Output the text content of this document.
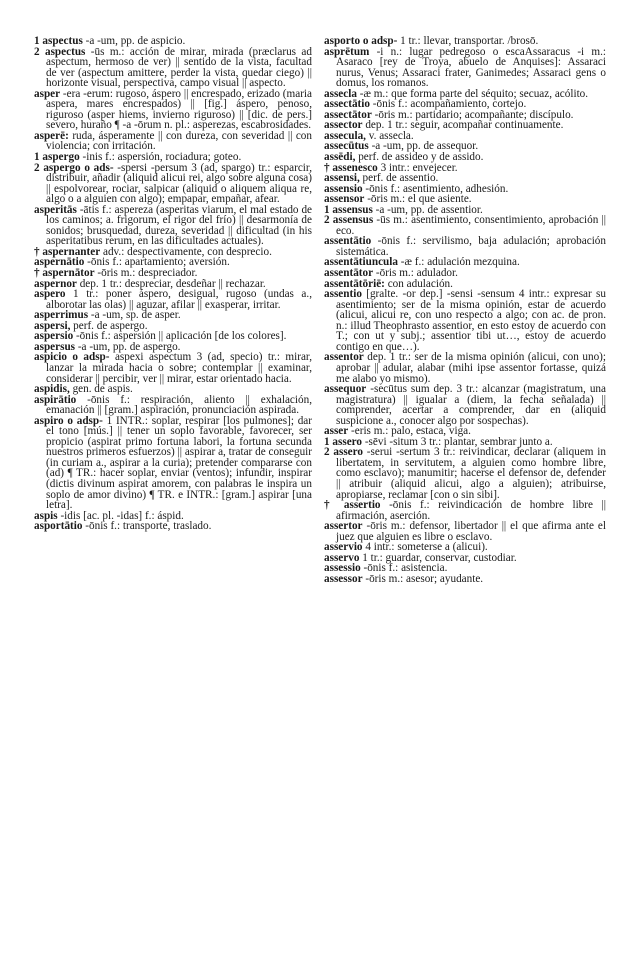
1 aspectus -a -um, pp. de aspicio.

2 aspectus -ūs m.: acción de mirar, mirada (præclarus ad aspectum, hermoso de ver) || sentido de la vista, facultad de ver (aspectum amittere, perder la vista, quedar ciego) || horizonte visual, perspectiva, campo visual || aspecto.

asper -era -erum: rugoso, áspero || encrespado, erizado (maria aspera, mares encrespados) || [fig.] áspero, penoso, riguroso (asper hiems, invierno riguroso) || [dic. de pers.] severo, huraño ¶ -a -ōrum n. pl.: asperezas, escabrosidades.

asperē: ruda, ásperamente || con dureza, con severidad || con violencia; con irritación.

1 aspergo -inis f.: aspersión, rociadura; goteo.

2 aspergo o ads- -spersi -persum 3 (ad, spargo) tr.: esparcir, distribuir, añadir (aliquid alicui rei, algo sobre alguna cosa) || espolvorear, rociar, salpicar (aliquid o aliquem aliqua re, algo o a alguien con algo); empapar, empañar, afear.

asperitās -ātis f.: aspereza (asperitas viarum, el mal estado de los caminos; a. frigorum, el rigor del frío) || desarmonía de sonidos; brusquedad, dureza, severidad || dificultad (in his asperitatibus rerum, en las dificultades actuales).

† aspernanter adv.: despectivamente, con desprecio.

aspernātio -ōnis f.: apartamiento; aversión.

† aspernātor -ōris m.: despreciador.

aspernor dep. 1 tr.: despreciar, desdeñar || rechazar.

aspero 1 tr.: poner áspero, desigual, rugoso (undas a., alborotar las olas) || aguzar, afilar || exasperar, irritar.

asperrimus -a -um, sp. de asper.

aspersi, perf. de aspergo.

aspersio -ōnis f.: aspersión || aplicación [de los colores].

aspersus -a -um, pp. de aspergo.

aspicio o adsp- aspexi aspectum 3 (ad, specio) tr.: mirar, lanzar la mirada hacia o sobre; contemplar || examinar, considerar || percibir, ver || mirar, estar orientado hacia.

aspidis, gen. de aspis.

aspirātio -ōnis f.: respiración, aliento || exhalación, emanación || [gram.] aspiración, pronunciación aspirada.

aspiro o adsp- 1 INTR.: soplar, respirar [los pulmones]; dar el tono [mús.] || tener un soplo favorable, favorecer, ser propicio (aspirat primo fortuna labori, la fortuna secunda nuestros primeros esfuerzos) || aspirar a, tratar de conseguir (in curiam a., aspirar a la curia); pretender compararse con (ad) ¶ TR.: hacer soplar, enviar (ventos); infundir, inspirar (dictis divinum aspirat amorem, con palabras le inspira un soplo de amor divino) ¶ TR. e INTR.: [gram.] aspirar [una letra].

aspis -idis [ac. pl. -idas] f.: áspid.

asportātio -ōnis f.: transporte, traslado.

asporto o adsp- 1 tr.: llevar, transportar. /brosō.

asprētum -i n.: lugar pedregoso o escaAssaracus -i m.: Asaraco [rey de Troya, abuelo de Anquises]: Assaraci nurus, Venus; Assaraci frater, Ganimedes; Assaraci gens o domus, los romanos.

assecla -æ m.: que forma parte del séquito; secuaz, acólito.

assectātio -ōnis f.: acompañamiento, cortejo.

assectātor -ōris m.: partidario; acompañante; discípulo.

assector dep. 1 tr.: seguir, acompañar continuamente.

assecula, v. assecla.

assecūtus -a -um, pp. de assequor.

assēdi, perf. de assideo y de assido.

† assenesco 3 intr.: envejecer.

assensi, perf. de assentio.

assensio -ōnis f.: asentimiento, adhesión.

assensor -ōris m.: el que asiente.

1 assensus -a -um, pp. de assentior.

2 assensus -ūs m.: asentimiento, consentimiento, aprobación || eco.

assentātio -ōnis f.: servilismo, baja adulación; aprobación sistemática.

assentātiuncula -æ f.: adulación mezquina.

assentātor -ōris m.: adulador.

assentātōriē: con adulación.

assentio [gralte. -or dep.] -sensi -sensum 4 intr.: expresar su asentimiento; ser de la misma opinión, estar de acuerdo (alicui, alicui re, con uno respecto a algo; con ac. de pron. n.: illud Theophrasto assentior, en esto estoy de acuerdo con T.; con ut y subj.; assentior tibi ut…, estoy de acuerdo contigo en que…).

assentor dep. 1 tr.: ser de la misma opinión (alicui, con uno); aprobar || adular, alabar (mihi ipse assentor fortasse, quizá me alabo yo mismo).

assequor -secūtus sum dep. 3 tr.: alcanzar (magistratum, una magistratura) || igualar a (diem, la fecha señalada) || comprender, acertar a comprender, dar en (aliquid suspicione a., conocer algo por sospechas).

asser -eris m.: palo, estaca, viga.

1 assero -sēvi -situm 3 tr.: plantar, sembrar junto a.

2 assero -serui -sertum 3 tr.: reivindicar, declarar (aliquem in libertatem, in servitutem, a alguien como hombre libre, como esclavo); manumitir; hacerse el defensor de, defender || atribuir (aliquid alicui, algo a alguien); atribuirse, apropiarse, reclamar [con o sin sibi].

† assertio -ōnis f.: reivindicación de hombre libre || afirmación, aserción.

assertor -ōris m.: defensor, libertador || el que afirma ante el juez que alguien es libre o esclavo.

asservio 4 intr.: someterse a (alicui).

asservo 1 tr.: guardar, conservar, custodiar.

assessio -ōnis f.: asistencia.

assessor -ōris m.: asesor; ayudante.
